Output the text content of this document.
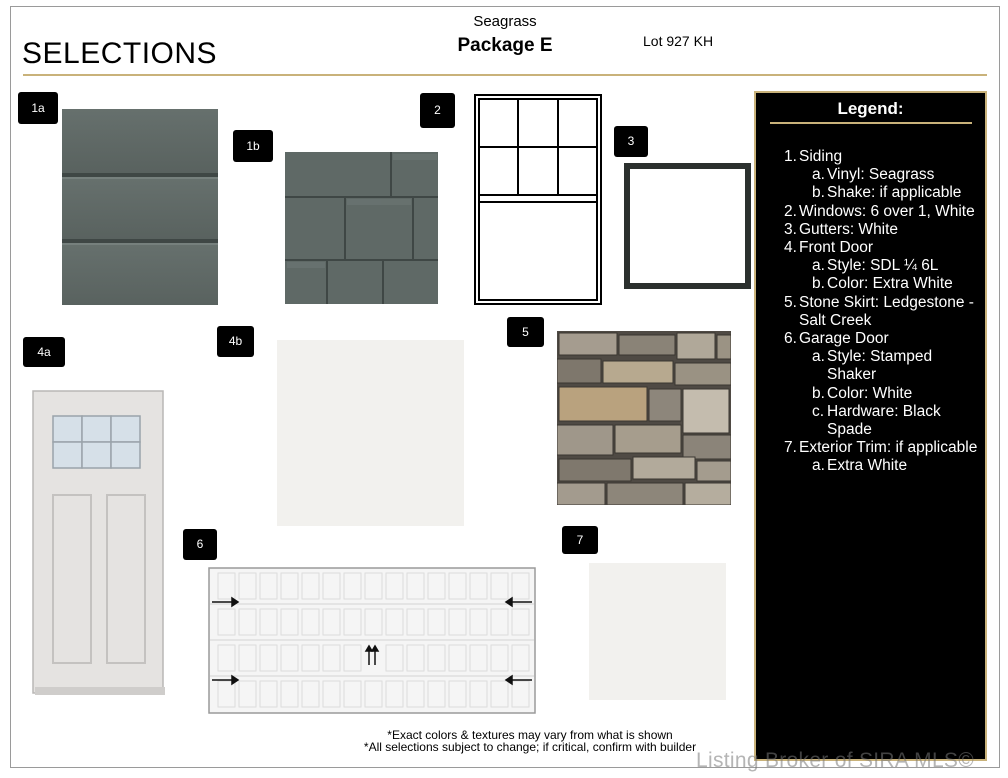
Seagrass
Package E	Lot 927 KH
SELECTIONS
1a
1b
2
3
4a
4b
5
6	7
Legend:
1. Siding
a. Vinyl: Seagrass
b. Shake: if applicable
2. Windows: 6 over 1, White
3. Gutters: White
4. Front Door
a. Style: SDL ¼ 6L
b. Color: Extra White
5. Stone Skirt: Ledgestone - Salt Creek
6. Garage Door
a. Style: Stamped Shaker
b. Color: White
c. Hardware: Black Spade
7. Exterior Trim: if applicable
a. Extra White
*Exact colors & textures may vary from what is shown
*All selections subject to change; if critical, confirm with builder
Listing Broker of SIRA MLS©
